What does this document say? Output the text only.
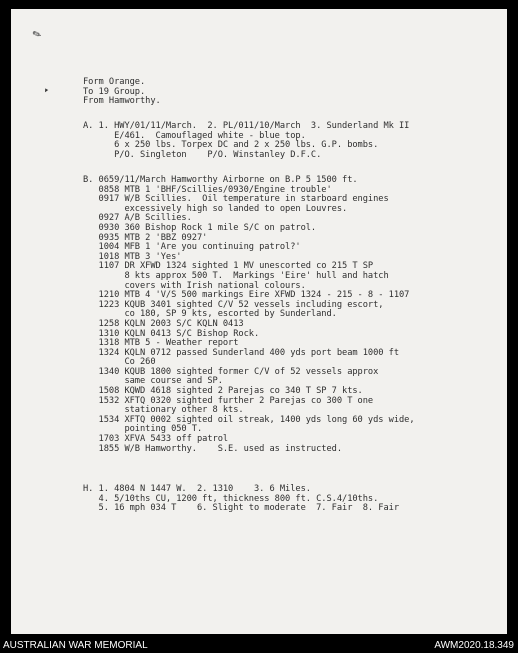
✎
▾
Form Orange.
To 19 Group.
From Hamworthy.

A. 1. HWY/01/11/March.  2. PL/011/10/March  3. Sunderland Mk II
E/461.  Camouflaged white - blue top.
6 x 250 lbs. Torpex DC and 2 x 250 lbs. G.P. bombs.
P/O. Singleton    P/O. Winstanley D.F.C.

B. 0659/11/March Hamworthy Airborne on B.P 5 1500 ft.
0858 MTB 1 'BHF/Scillies/0930/Engine trouble'
0917 W/B Scillies.  Oil temperature in starboard engines
excessively high so landed to open Louvres.
0927 A/B Scillies.
0930 360 Bishop Rock 1 mile S/C on patrol.
0935 MTB 2 'BBZ 0927'
1004 MFB 1 'Are you continuing patrol?'
1018 MTB 3 'Yes'
1107 DR XFWD 1324 sighted 1 MV unescorted co 215 T SP
8 kts approx 500 T.  Markings 'Eire' hull and hatch
covers with Irish national colours.
1210 MTB 4 'V/S 500 markings Eire XFWD 1324 - 215 - 8 - 1107
1223 KQUB 3401 sighted C/V 52 vessels including escort,
co 180, SP 9 kts, escorted by Sunderland.
1258 KQLN 2003 S/C KQLN 0413
1310 KQLN 0413 S/C Bishop Rock.
1318 MTB 5 - Weather report
1324 KQLN 0712 passed Sunderland 400 yds port beam 1000 ft
Co 260
1340 KQUB 1800 sighted former C/V of 52 vessels approx
same course and SP.
1508 KQWD 4618 sighted 2 Parejas co 340 T SP 7 kts.
1532 XFTQ 0320 sighted further 2 Parejas co 300 T one
stationary other 8 kts.
1534 XFTQ 0002 sighted oil streak, 1400 yds long 60 yds wide,
pointing 050 T.
1703 XFVA 5433 off patrol
1855 W/B Hamworthy.    S.E. used as instructed.

H. 1. 4804 N 1447 W.  2. 1310    3. 6 Miles.
4. 5/10ths CU, 1200 ft, thickness 800 ft. C.S.4/10ths.
5. 16 mph 034 T    6. Slight to moderate  7. Fair  8. Fair

AUSTRALIAN WAR MEMORIAL	AWM2020.18.349
